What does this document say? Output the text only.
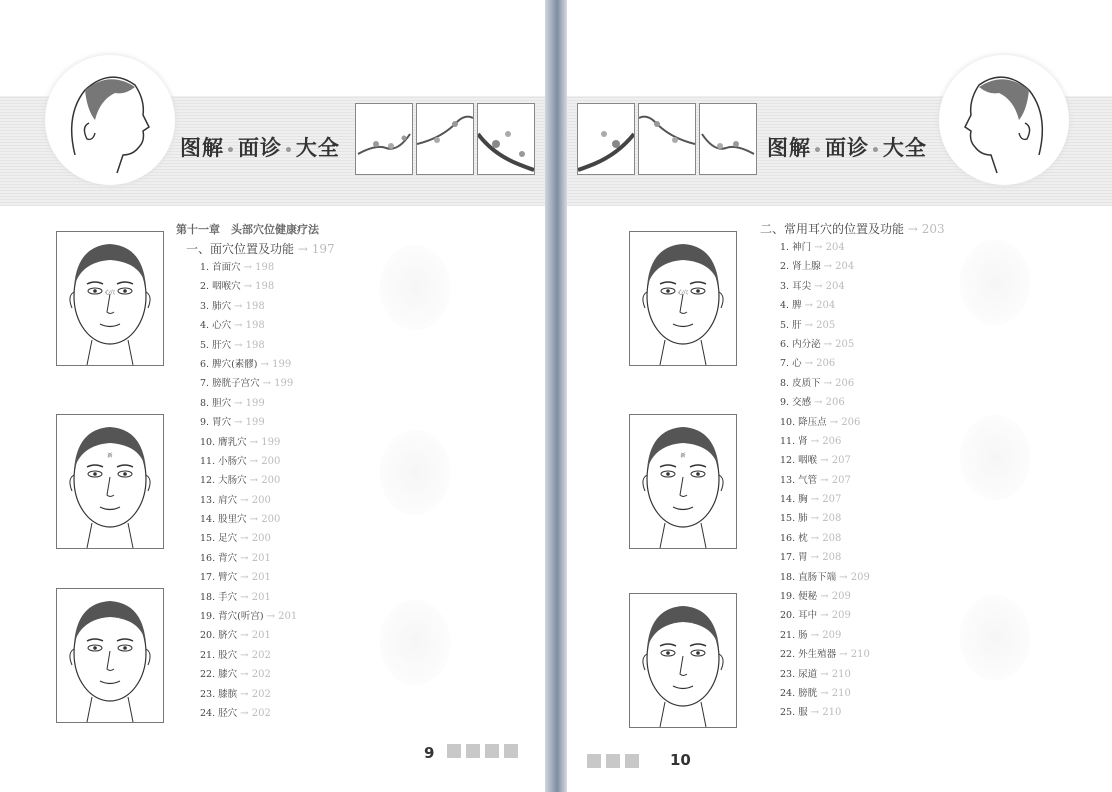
图解 •面诊 •大全
第十一章　头部穴位健康疗法
一、面穴位置及功能 → 197
心穴
新
心理压力
1. 首面穴 → 198
2. 咽喉穴 → 198
3. 肺穴 → 198
4. 心穴 → 198
5. 肝穴 → 198
6. 脾穴(素髎) → 199
7. 膀胱子宫穴 → 199
8. 胆穴 → 199
9. 胃穴 → 199
10. 膺乳穴 → 199
11. 小肠穴 → 200
12. 大肠穴 → 200
13. 肩穴 → 200
14. 股里穴 → 200
15. 足穴 → 200
16. 背穴 → 201
17. 臂穴 → 201
18. 手穴 → 201
19. 背穴(听宫) → 201
20. 脐穴 → 201
21. 股穴 → 202
22. 膝穴 → 202
23. 膝膑 → 202
24. 胫穴 → 202
9
图解 •面诊 •大全
二、常用耳穴的位置及功能 → 203
心穴
新
心理压力
1. 神门 → 204
2. 肾上腺 → 204
3. 耳尖 → 204
4. 脾 → 204
5. 肝 → 205
6. 内分泌 → 205
7. 心 → 206
8. 皮质下 → 206
9. 交感 → 206
10. 降压点 → 206
11. 肾 → 206
12. 咽喉 → 207
13. 气管 → 207
14. 胸 → 207
15. 肺 → 208
16. 枕 → 208
17. 胃 → 208
18. 直肠下端 → 209
19. 便秘 → 209
20. 耳中 → 209
21. 肠 → 209
22. 外生殖器 → 210
23. 尿道 → 210
24. 膀胱 → 210
25. 服 → 210
10
